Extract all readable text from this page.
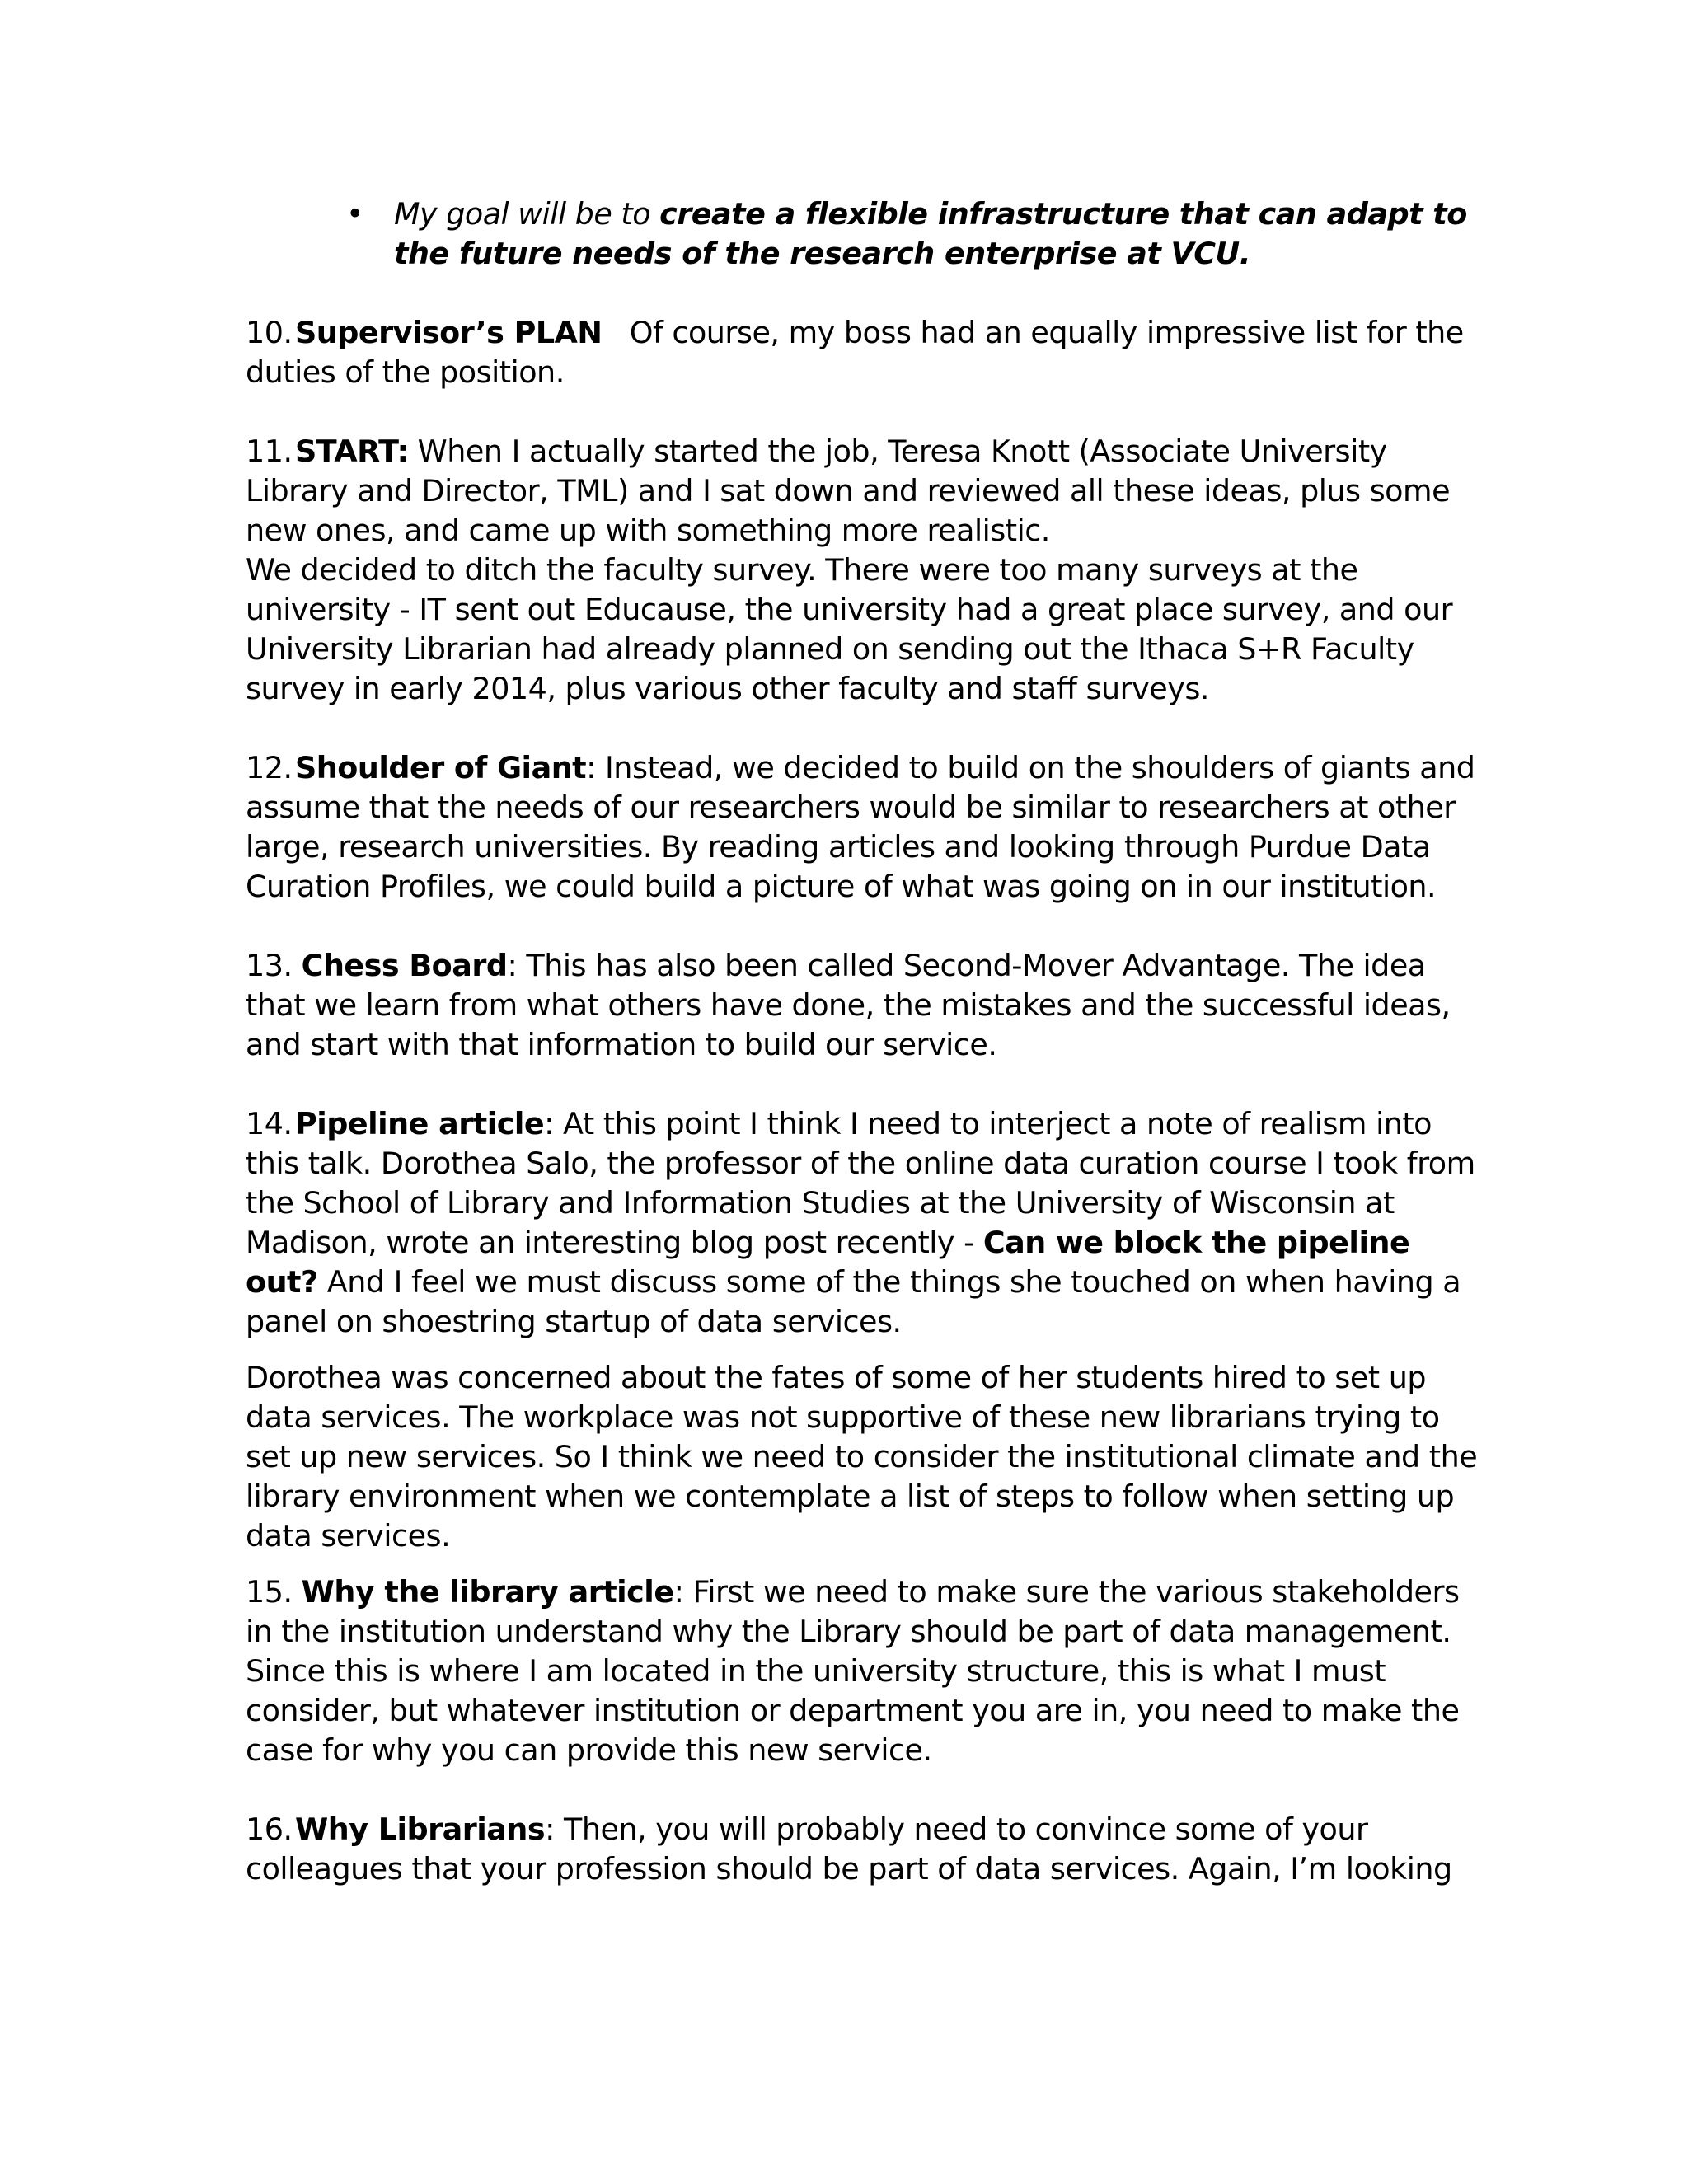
• My goal will be to create a flexible infrastructure that can adapt to the future needs of the research enterprise at VCU.

10.Supervisor’s PLAN   Of course, my boss had an equally impressive list for the duties of the position.

11.START: When I actually started the job, Teresa Knott (Associate University Library and Director, TML) and I sat down and reviewed all these ideas, plus some new ones, and came up with something more realistic.
We decided to ditch the faculty survey. There were too many surveys at the university - IT sent out Educause, the university had a great place survey, and our University Librarian had already planned on sending out the Ithaca S+R Faculty survey in early 2014, plus various other faculty and staff surveys.

12.Shoulder of Giant: Instead, we decided to build on the shoulders of giants and assume that the needs of our researchers would be similar to researchers at other large, research universities. By reading articles and looking through Purdue Data Curation Profiles, we could build a picture of what was going on in our institution.

13. Chess Board: This has also been called Second-Mover Advantage. The idea that we learn from what others have done, the mistakes and the successful ideas, and start with that information to build our service.

14.Pipeline article: At this point I think I need to interject a note of realism into this talk. Dorothea Salo, the professor of the online data curation course I took from the School of Library and Information Studies at the University of Wisconsin at Madison, wrote an interesting blog post recently - Can we block the pipeline out? And I feel we must discuss some of the things she touched on when having a panel on shoestring startup of data services.

Dorothea was concerned about the fates of some of her students hired to set up data services. The workplace was not supportive of these new librarians trying to set up new services. So I think we need to consider the institutional climate and the library environment when we contemplate a list of steps to follow when setting up data services.

15. Why the library article: First we need to make sure the various stakeholders in the institution understand why the Library should be part of data management. Since this is where I am located in the university structure, this is what I must consider, but whatever institution or department you are in, you need to make the case for why you can provide this new service.

16.Why Librarians: Then, you will probably need to convince some of your colleagues that your profession should be part of data services. Again, I’m looking
